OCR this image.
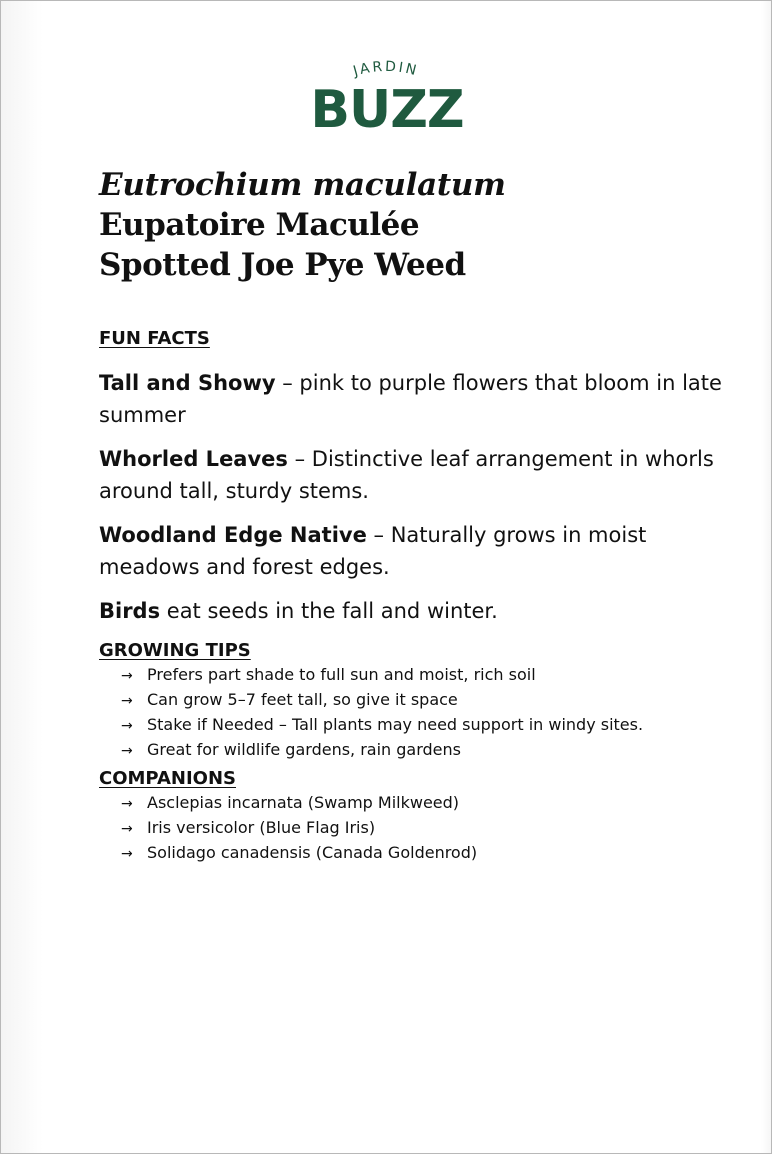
JARDIN
BUZZ
Eutrochium maculatum
Eupatoire Maculée
Spotted Joe Pye Weed
FUN FACTS

Tall and Showy – pink to purple flowers that bloom in late summer

Whorled Leaves – Distinctive leaf arrangement in whorls around tall, sturdy stems.

Woodland Edge Native – Naturally grows in moist meadows and forest edges.

Birds eat seeds in the fall and winter.

GROWING TIPS
→ Prefers part shade to full sun and moist, rich soil
→ Can grow 5–7 feet tall, so give it space
→ Stake if Needed – Tall plants may need support in windy sites.
→ Great for wildlife gardens, rain gardens
COMPANIONS
→ Asclepias incarnata (Swamp Milkweed)
→ Iris versicolor (Blue Flag Iris)
→ Solidago canadensis (Canada Goldenrod)
